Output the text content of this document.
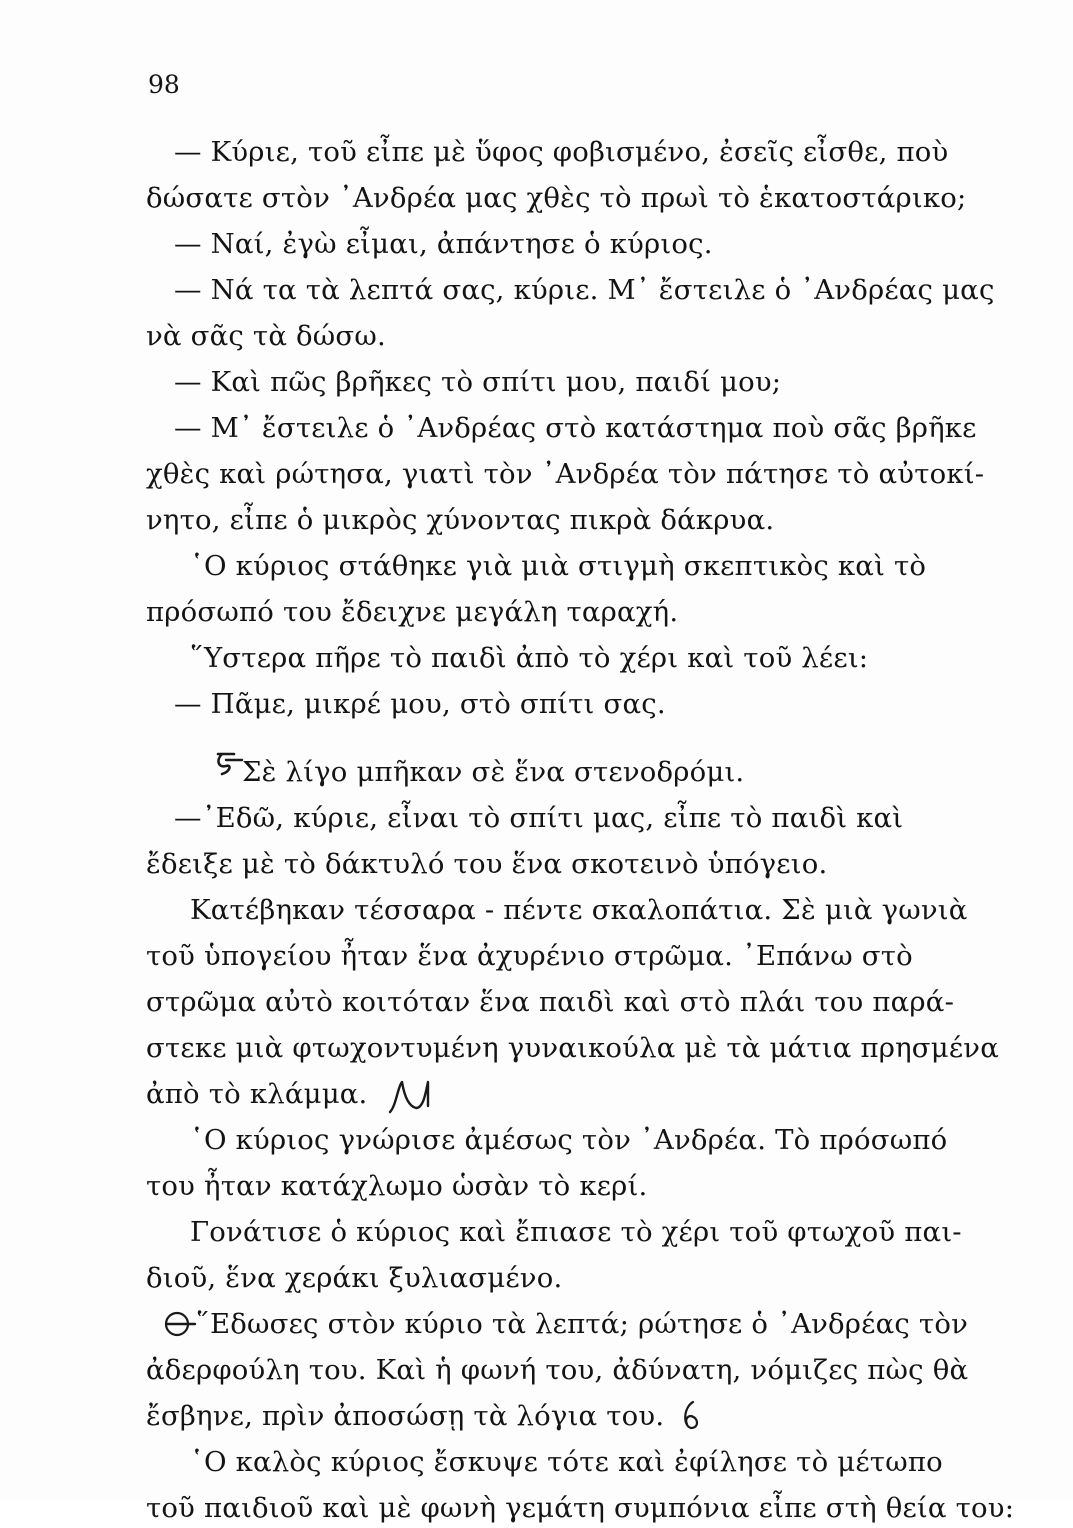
98
— Κύριε, τοῦ εἶπε μὲ ὕφος φοβισμένο, ἐσεῖς εἶσθε, ποὺ
δώσατε στὸν ᾽Ανδρέα μας χθὲς τὸ πρωὶ τὸ ἑκατοστάρικο;
— Ναί, ἐγὼ εἶμαι, ἀπάντησε ὁ κύριος.
— Νά τα τὰ λεπτά σας, κύριε. Μ᾽ ἔστειλε ὁ ᾽Ανδρέας μας
νὰ σᾶς τὰ δώσω.
— Καὶ πῶς βρῆκες τὸ σπίτι μου, παιδί μου;
— Μ᾽ ἔστειλε ὁ ᾽Ανδρέας στὸ κατάστημα ποὺ σᾶς βρῆκε
χθὲς καὶ ρώτησα, γιατὶ τὸν ᾽Ανδρέα τὸν πάτησε τὸ αὐτοκί-
νητο, εἶπε ὁ μικρὸς χύνοντας πικρὰ δάκρυα.
῾Ο κύριος στάθηκε γιὰ μιὰ στιγμὴ σκεπτικὸς καὶ τὸ
πρόσωπό του ἔδειχνε μεγάλη ταραχή.
῞Υστερα πῆρε τὸ παιδὶ ἀπὸ τὸ χέρι καὶ τοῦ λέει:
— Πᾶμε, μικρέ μου, στὸ σπίτι σας.
Σὲ λίγο μπῆκαν σὲ ἕνα στενοδρόμι.
—᾽Εδῶ, κύριε, εἶναι τὸ σπίτι μας, εἶπε τὸ παιδὶ καὶ
ἔδειξε μὲ τὸ δάκτυλό του ἕνα σκοτεινὸ ὑπόγειο.
Κατέβηκαν τέσσαρα - πέντε σκαλοπάτια. Σὲ μιὰ γωνιὰ
τοῦ ὑπογείου ἦταν ἕνα ἀχυρένιο στρῶμα. ᾽Επάνω στὸ
στρῶμα αὐτὸ κοιτόταν ἕνα παιδὶ καὶ στὸ πλάι του παρά-
στεκε μιὰ φτωχοντυμένη γυναικούλα μὲ τὰ μάτια πρησμένα
ἀπὸ τὸ κλάμμα.
῾Ο κύριος γνώρισε ἀμέσως τὸν ᾽Ανδρέα. Τὸ πρόσωπό
του ἦταν κατάχλωμο ὡσὰν τὸ κερί.
Γονάτισε ὁ κύριος καὶ ἔπιασε τὸ χέρι τοῦ φτωχοῦ παι-
διοῦ, ἕνα χεράκι ξυλιασμένο.
῞Εδωσες στὸν κύριο τὰ λεπτά; ρώτησε ὁ ᾽Ανδρέας τὸν
ἀδερφούλη του. Καὶ ἡ φωνή του, ἀδύνατη, νόμιζες πὼς θὰ
ἔσβηνε, πρὶν ἀποσώσῃ τὰ λόγια του.
῾Ο καλὸς κύριος ἔσκυψε τότε καὶ ἐφίλησε τὸ μέτωπο
τοῦ παιδιοῦ καὶ μὲ φωνὴ γεμάτη συμπόνια εἶπε στὴ θεία του:
